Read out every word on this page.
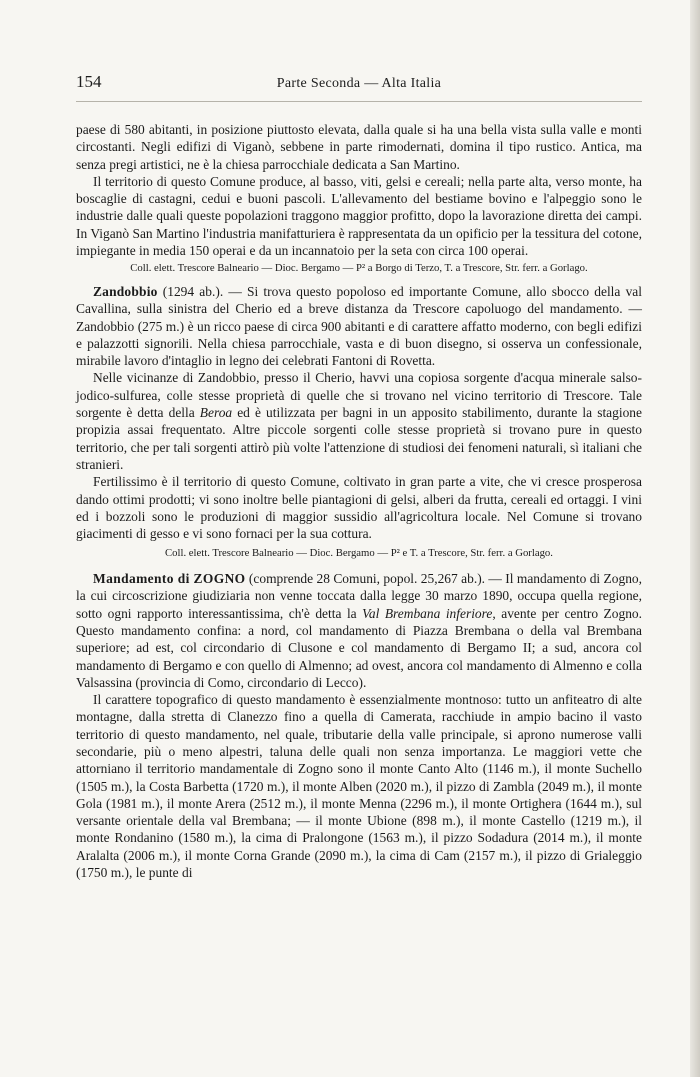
154	Parte Seconda — Alta Italia

paese di 580 abitanti, in posizione piuttosto elevata, dalla quale si ha una bella vista sulla valle e monti circostanti. Negli edifizi di Viganò, sebbene in parte rimodernati, domina il tipo rustico. Antica, ma senza pregi artistici, ne è la chiesa parrocchiale dedicata a San Martino.

Il territorio di questo Comune produce, al basso, viti, gelsi e cereali; nella parte alta, verso monte, ha boscaglie di castagni, cedui e buoni pascoli. L'allevamento del bestiame bovino e l'alpeggio sono le industrie dalle quali queste popolazioni traggono maggior profitto, dopo la lavorazione diretta dei campi. In Viganò San Martino l'industria manifatturiera è rappresentata da un opificio per la tessitura del cotone, impiegante in media 150 operai e da un incannatoio per la seta con circa 100 operai.

Coll. elett. Trescore Balneario — Dioc. Bergamo — P² a Borgo di Terzo, T. a Trescore, Str. ferr. a Gorlago.

Zandobbio (1294 ab.). — Si trova questo popoloso ed importante Comune, allo sbocco della val Cavallina, sulla sinistra del Cherio ed a breve distanza da Trescore capoluogo del mandamento. — Zandobbio (275 m.) è un ricco paese di circa 900 abitanti e di carattere affatto moderno, con begli edifizi e palazzotti signorili. Nella chiesa parrocchiale, vasta e di buon disegno, si osserva un confessionale, mirabile lavoro d'intaglio in legno dei celebrati Fantoni di Rovetta.

Nelle vicinanze di Zandobbio, presso il Cherio, havvi una copiosa sorgente d'acqua minerale salso-jodico-sulfurea, colle stesse proprietà di quelle che si trovano nel vicino territorio di Trescore. Tale sorgente è detta della Beroa ed è utilizzata per bagni in un apposito stabilimento, durante la stagione propizia assai frequentato. Altre piccole sorgenti colle stesse proprietà si trovano pure in questo territorio, che per tali sorgenti attirò più volte l'attenzione di studiosi dei fenomeni naturali, sì italiani che stranieri.

Fertilissimo è il territorio di questo Comune, coltivato in gran parte a vite, che vi cresce prosperosa dando ottimi prodotti; vi sono inoltre belle piantagioni di gelsi, alberi da frutta, cereali ed ortaggi. I vini ed i bozzoli sono le produzioni di maggior sussidio all'agricoltura locale. Nel Comune si trovano giacimenti di gesso e vi sono fornaci per la sua cottura.

Coll. elett. Trescore Balneario — Dioc. Bergamo — P² e T. a Trescore, Str. ferr. a Gorlago.

Mandamento di ZOGNO (comprende 28 Comuni, popol. 25,267 ab.). — Il mandamento di Zogno, la cui circoscrizione giudiziaria non venne toccata dalla legge 30 marzo 1890, occupa quella regione, sotto ogni rapporto interessantissima, ch'è detta la Val Brembana inferiore, avente per centro Zogno. Questo mandamento confina: a nord, col mandamento di Piazza Brembana o della val Brembana superiore; ad est, col circondario di Clusone e col mandamento di Bergamo II; a sud, ancora col mandamento di Bergamo e con quello di Almenno; ad ovest, ancora col mandamento di Almenno e colla Valsassina (provincia di Como, circondario di Lecco).

Il carattere topografico di questo mandamento è essenzialmente montnoso: tutto un anfiteatro di alte montagne, dalla stretta di Clanezzo fino a quella di Camerata, racchiude in ampio bacino il vasto territorio di questo mandamento, nel quale, tributarie della valle principale, si aprono numerose valli secondarie, più o meno alpestri, taluna delle quali non senza importanza. Le maggiori vette che attorniano il territorio mandamentale di Zogno sono il monte Canto Alto (1146 m.), il monte Suchello (1505 m.), la Costa Barbetta (1720 m.), il monte Alben (2020 m.), il pizzo di Zambla (2049 m.), il monte Gola (1981 m.), il monte Arera (2512 m.), il monte Menna (2296 m.), il monte Ortighera (1644 m.), sul versante orientale della val Brembana; — il monte Ubione (898 m.), il monte Castello (1219 m.), il monte Rondanino (1580 m.), la cima di Pralongone (1563 m.), il pizzo Sodadura (2014 m.), il monte Aralalta (2006 m.), il monte Corna Grande (2090 m.), la cima di Cam (2157 m.), il pizzo di Grialeggio (1750 m.), le punte di
